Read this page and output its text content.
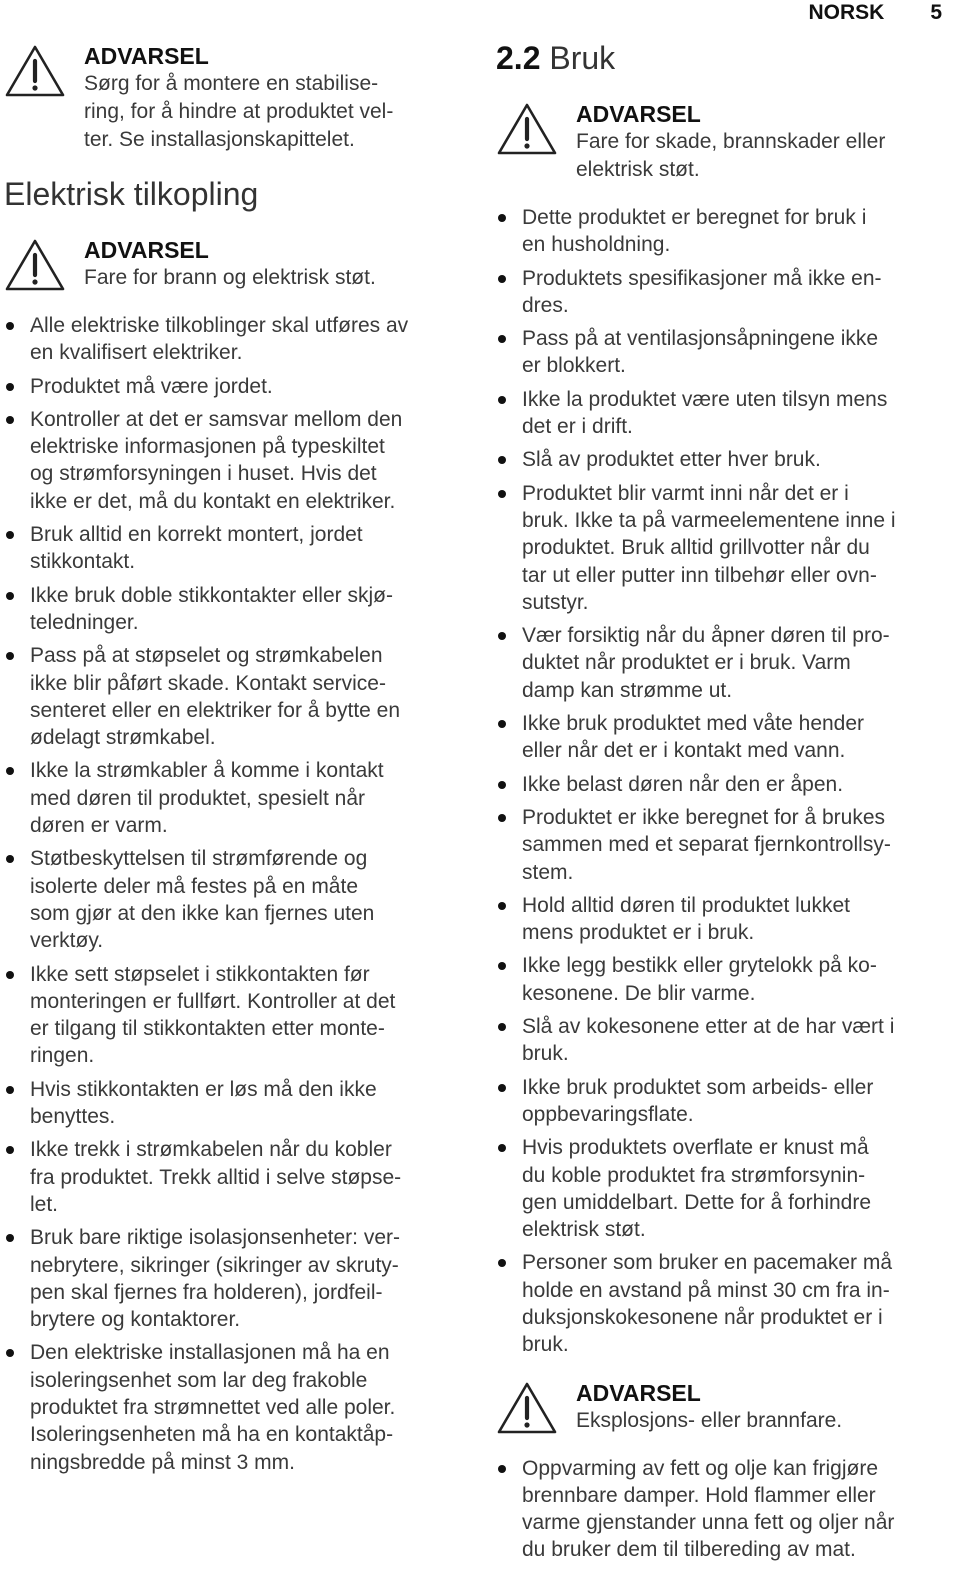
NORSK 5
ADVARSEL
Sørg for å montere en stabilise-
ring, for å hindre at produktet vel-
ter. Se installasjonskapittelet.
Elektrisk tilkopling
ADVARSEL
Fare for brann og elektrisk støt.
Alle elektriske tilkoblinger skal utføres av
en kvalifisert elektriker.
Produktet må være jordet.
Kontroller at det er samsvar mellom den
elektriske informasjonen på typeskiltet
og strømforsyningen i huset. Hvis det
ikke er det, må du kontakt en elektriker.
Bruk alltid en korrekt montert, jordet
stikkontakt.
Ikke bruk doble stikkontakter eller skjø-
teledninger.
Pass på at støpselet og strømkabelen
ikke blir påført skade. Kontakt service-
senteret eller en elektriker for å bytte en
ødelagt strømkabel.
Ikke la strømkabler å komme i kontakt
med døren til produktet, spesielt når
døren er varm.
Støtbeskyttelsen til strømførende og
isolerte deler må festes på en måte
som gjør at den ikke kan fjernes uten
verktøy.
Ikke sett støpselet i stikkontakten før
monteringen er fullført. Kontroller at det
er tilgang til stikkontakten etter monte-
ringen.
Hvis stikkontakten er løs må den ikke
benyttes.
Ikke trekk i strømkabelen når du kobler
fra produktet. Trekk alltid i selve støpse-
let.
Bruk bare riktige isolasjonsenheter: ver-
nebrytere, sikringer (sikringer av skruty-
pen skal fjernes fra holderen), jordfeil-
brytere og kontaktorer.
Den elektriske installasjonen må ha en
isoleringsenhet som lar deg frakoble
produktet fra strømnettet ved alle poler.
Isoleringsenheten må ha en kontaktåp-
ningsbredde på minst 3 mm.
2.2 Bruk
ADVARSEL
Fare for skade, brannskader eller
elektrisk støt.
Dette produktet er beregnet for bruk i
en husholdning.
Produktets spesifikasjoner må ikke en-
dres.
Pass på at ventilasjonsåpningene ikke
er blokkert.
Ikke la produktet være uten tilsyn mens
det er i drift.
Slå av produktet etter hver bruk.
Produktet blir varmt inni når det er i
bruk. Ikke ta på varmeelementene inne i
produktet. Bruk alltid grillvotter når du
tar ut eller putter inn tilbehør eller ovn-
sutstyr.
Vær forsiktig når du åpner døren til pro-
duktet når produktet er i bruk. Varm
damp kan strømme ut.
Ikke bruk produktet med våte hender
eller når det er i kontakt med vann.
Ikke belast døren når den er åpen.
Produktet er ikke beregnet for å brukes
sammen med et separat fjernkontrollsy-
stem.
Hold alltid døren til produktet lukket
mens produktet er i bruk.
Ikke legg bestikk eller grytelokk på ko-
kesonene. De blir varme.
Slå av kokesonene etter at de har vært i
bruk.
Ikke bruk produktet som arbeids- eller
oppbevaringsflate.
Hvis produktets overflate er knust må
du koble produktet fra strømforsynin-
gen umiddelbart. Dette for å forhindre
elektrisk støt.
Personer som bruker en pacemaker må
holde en avstand på minst 30 cm fra in-
duksjonskokesonene når produktet er i
bruk.
ADVARSEL
Eksplosjons- eller brannfare.
Oppvarming av fett og olje kan frigjøre
brennbare damper. Hold flammer eller
varme gjenstander unna fett og oljer når
du bruker dem til tilbereding av mat.
